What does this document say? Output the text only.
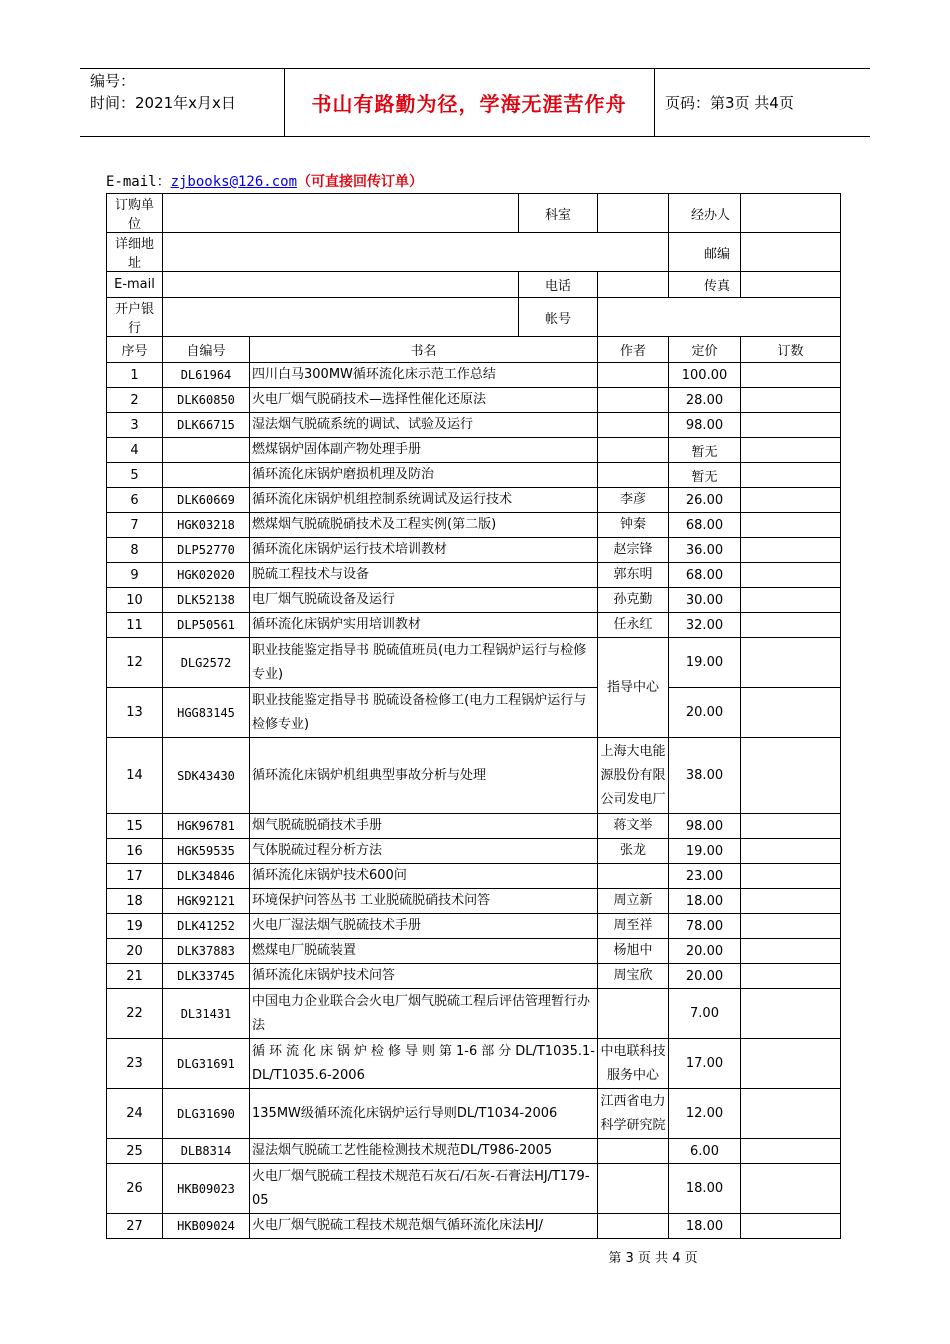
编号：
时间：2021年x月x日	书山有路勤为径，学海无涯苦作舟	页码：第3页 共4页
E-mail：zjbooks@126.com（可直接回传订单）
订购单位			科室		经办人	
详细地址					邮编	
E-mail			电话		传真	
开户银行			帐号			
序号	自编号	书名		作者	定价	订数
1	DL61964	四川白马300MW循环流化床示范工作总结			100.00	
2	DLK60850	火电厂烟气脱硝技术—选择性催化还原法			28.00	
3	DLK66715	湿法烟气脱硫系统的调试、试验及运行			98.00	
4		燃煤锅炉固体副产物处理手册			暂无	
5		循环流化床锅炉磨损机理及防治			暂无	
6	DLK60669	循环流化床锅炉机组控制系统调试及运行技术		李彦	26.00	
7	HGK03218	燃煤烟气脱硫脱硝技术及工程实例(第二版)		钟秦	68.00	
8	DLP52770	循环流化床锅炉运行技术培训教材		赵宗锋	36.00	
9	HGK02020	脱硫工程技术与设备		郭东明	68.00	
10	DLK52138	电厂烟气脱硫设备及运行		孙克勤	30.00	
11	DLP50561	循环流化床锅炉实用培训教材		任永红	32.00	
12	DLG2572	职业技能鉴定指导书 脱硫值班员(电力工程锅炉运行与检修专业)		指导中心	19.00	
13	HGG83145	职业技能鉴定指导书 脱硫设备检修工(电力工程锅炉运行与检修专业)			20.00	
14	SDK43430	循环流化床锅炉机组典型事故分析与处理		上海大电能源股份有限公司发电厂	38.00	
15	HGK96781	烟气脱硫脱硝技术手册		蒋文举	98.00	
16	HGK59535	气体脱硫过程分析方法		张龙	19.00	
17	DLK34846	循环流化床锅炉技术600问			23.00	
18	HGK92121	环境保护问答丛书 工业脱硫脱硝技术问答		周立新	18.00	
19	DLK41252	火电厂湿法烟气脱硫技术手册		周至祥	78.00	
20	DLK37883	燃煤电厂脱硫装置		杨旭中	20.00	
21	DLK33745	循环流化床锅炉技术问答		周宝欣	20.00	
22	DL31431	中国电力企业联合会火电厂烟气脱硫工程后评估管理暂行办法			7.00	
23	DLG31691	循环流化床锅炉检修导则第1-6部分DL/T1035.1-DL/T1035.6-2006		中电联科技服务中心	17.00	
24	DLG31690	135MW级循环流化床锅炉运行导则DL/T1034-2006		江西省电力科学研究院	12.00	
25	DLB8314	湿法烟气脱硫工艺性能检测技术规范DL/T986-2005			6.00	
26	HKB09023	火电厂烟气脱硫工程技术规范石灰石/石灰-石膏法HJ/T179-05			18.00	
27	HKB09024	火电厂烟气脱硫工程技术规范烟气循环流化床法HJ/			18.00	
第 3 页 共 4 页
